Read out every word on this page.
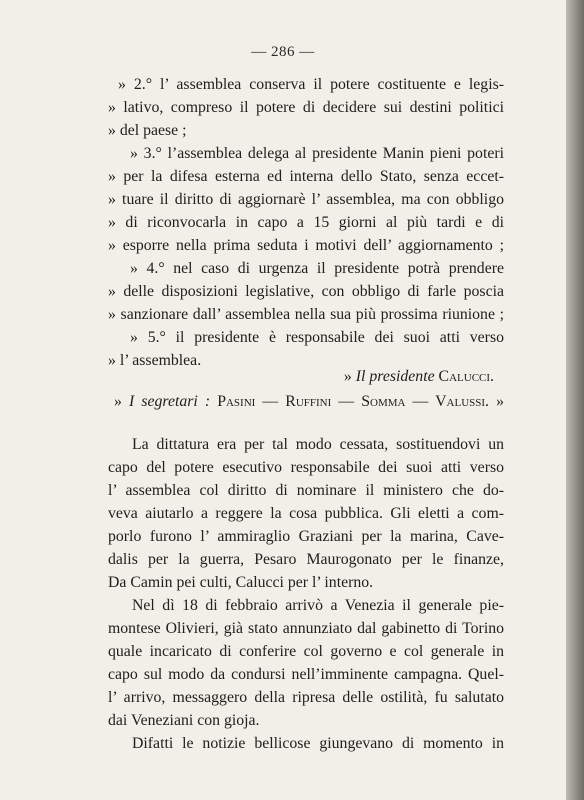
— 286 —
» 2.° l’ assemblea conserva il potere costituente e legis-
» lativo, compreso il potere di decidere sui destini politici
» del paese ;
» 3.° l’assemblea delega al presidente Manin pieni poteri
» per la difesa esterna ed interna dello Stato, senza eccet-
» tuare il diritto di aggiornarè l’ assemblea, ma con obbligo
» di riconvocarla in capo a 15 giorni al più tardi e di
» esporre nella prima seduta i motivi dell’ aggiornamento ;
» 4.° nel caso di urgenza il presidente potrà prendere
» delle disposizioni legislative, con obbligo di farle poscia
» sanzionare dall’ assemblea nella sua più prossima riunione ;
» 5.° il presidente è responsabile dei suoi atti verso
» l’ assemblea.
» Il presidente Calucci.
» I segretari : Pasini — Ruffini — Somma — Valussi. »
La dittatura era per tal modo cessata, sostituendovi un
capo del potere esecutivo responsabile dei suoi atti verso
l’ assemblea col diritto di nominare il ministero che do-
veva aiutarlo a reggere la cosa pubblica. Gli eletti a com-
porlo furono l’ ammiraglio Graziani per la marina, Cave-
dalis per la guerra, Pesaro Maurogonato per le finanze,
Da Camin pei culti, Calucci per l’ interno.
Nel dì 18 di febbraio arrivò a Venezia il generale pie-
montese Olivieri, già stato annunziato dal gabinetto di Torino
quale incaricato di conferire col governo e col generale in
capo sul modo da condursi nell’imminente campagna. Quel-
l’ arrivo, messaggero della ripresa delle ostilità, fu salutato
dai Veneziani con gioja.
Difatti le notizie bellicose giungevano di momento in
